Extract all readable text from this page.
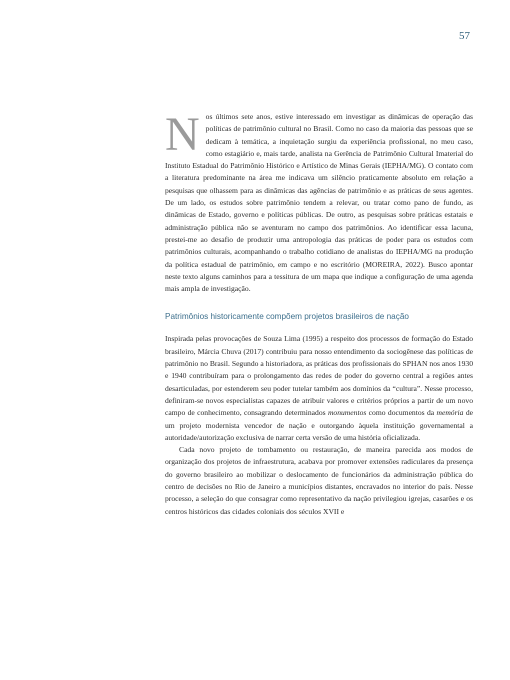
57

Nos últimos sete anos, estive interessado em investigar as dinâmicas de operação das políticas de patrimônio cultural no Brasil. Como no caso da maioria das pessoas que se dedicam à temática, a inquietação surgiu da experiência profissional, no meu caso, como estagiário e, mais tarde, analista na Gerência de Patrimônio Cultural Imaterial do Instituto Estadual do Patrimônio Histórico e Artístico de Minas Gerais (IEPHA/MG). O contato com a literatura predominante na área me indicava um silêncio praticamente absoluto em relação a pesquisas que olhassem para as dinâmicas das agências de patrimônio e as práticas de seus agentes. De um lado, os estudos sobre patrimônio tendem a relevar, ou tratar como pano de fundo, as dinâmicas de Estado, governo e políticas públicas. De outro, as pesquisas sobre práticas estatais e administração pública não se aventuram no campo dos patrimônios. Ao identificar essa lacuna, prestei-me ao desafio de produzir uma antropologia das práticas de poder para os estudos com patrimônios culturais, acompanhando o trabalho cotidiano de analistas do IEPHA/MG na produção da política estadual de patrimônio, em campo e no escritório (MOREIRA, 2022). Busco apontar neste texto alguns caminhos para a tessitura de um mapa que indique a configuração de uma agenda mais ampla de investigação.

Patrimônios historicamente compõem projetos brasileiros de nação

Inspirada pelas provocações de Souza Lima (1995) a respeito dos processos de formação do Estado brasileiro, Márcia Chuva (2017) contribuiu para nosso entendimento da sociogênese das políticas de patrimônio no Brasil. Segundo a historiadora, as práticas dos profissionais do SPHAN nos anos 1930 e 1940 contribuíram para o prolongamento das redes de poder do governo central a regiões antes desarticuladas, por estenderem seu poder tutelar também aos domínios da “cultura”. Nesse processo, definiram-se novos especialistas capazes de atribuir valores e critérios próprios a partir de um novo campo de conhecimento, consagrando determinados monumentos como documentos da memória de um projeto modernista vencedor de nação e outorgando àquela instituição governamental a autoridade/autorização exclusiva de narrar certa versão de uma história oficializada.

Cada novo projeto de tombamento ou restauração, de maneira parecida aos modos de organização dos projetos de infraestrutura, acabava por promover extensões radiculares da presença do governo brasileiro ao mobilizar o deslocamento de funcionários da administração pública do centro de decisões no Rio de Janeiro a municípios distantes, encravados no interior do país. Nesse processo, a seleção do que consagrar como representativo da nação privilegiou igrejas, casarões e os centros históricos das cidades coloniais dos séculos XVII e
